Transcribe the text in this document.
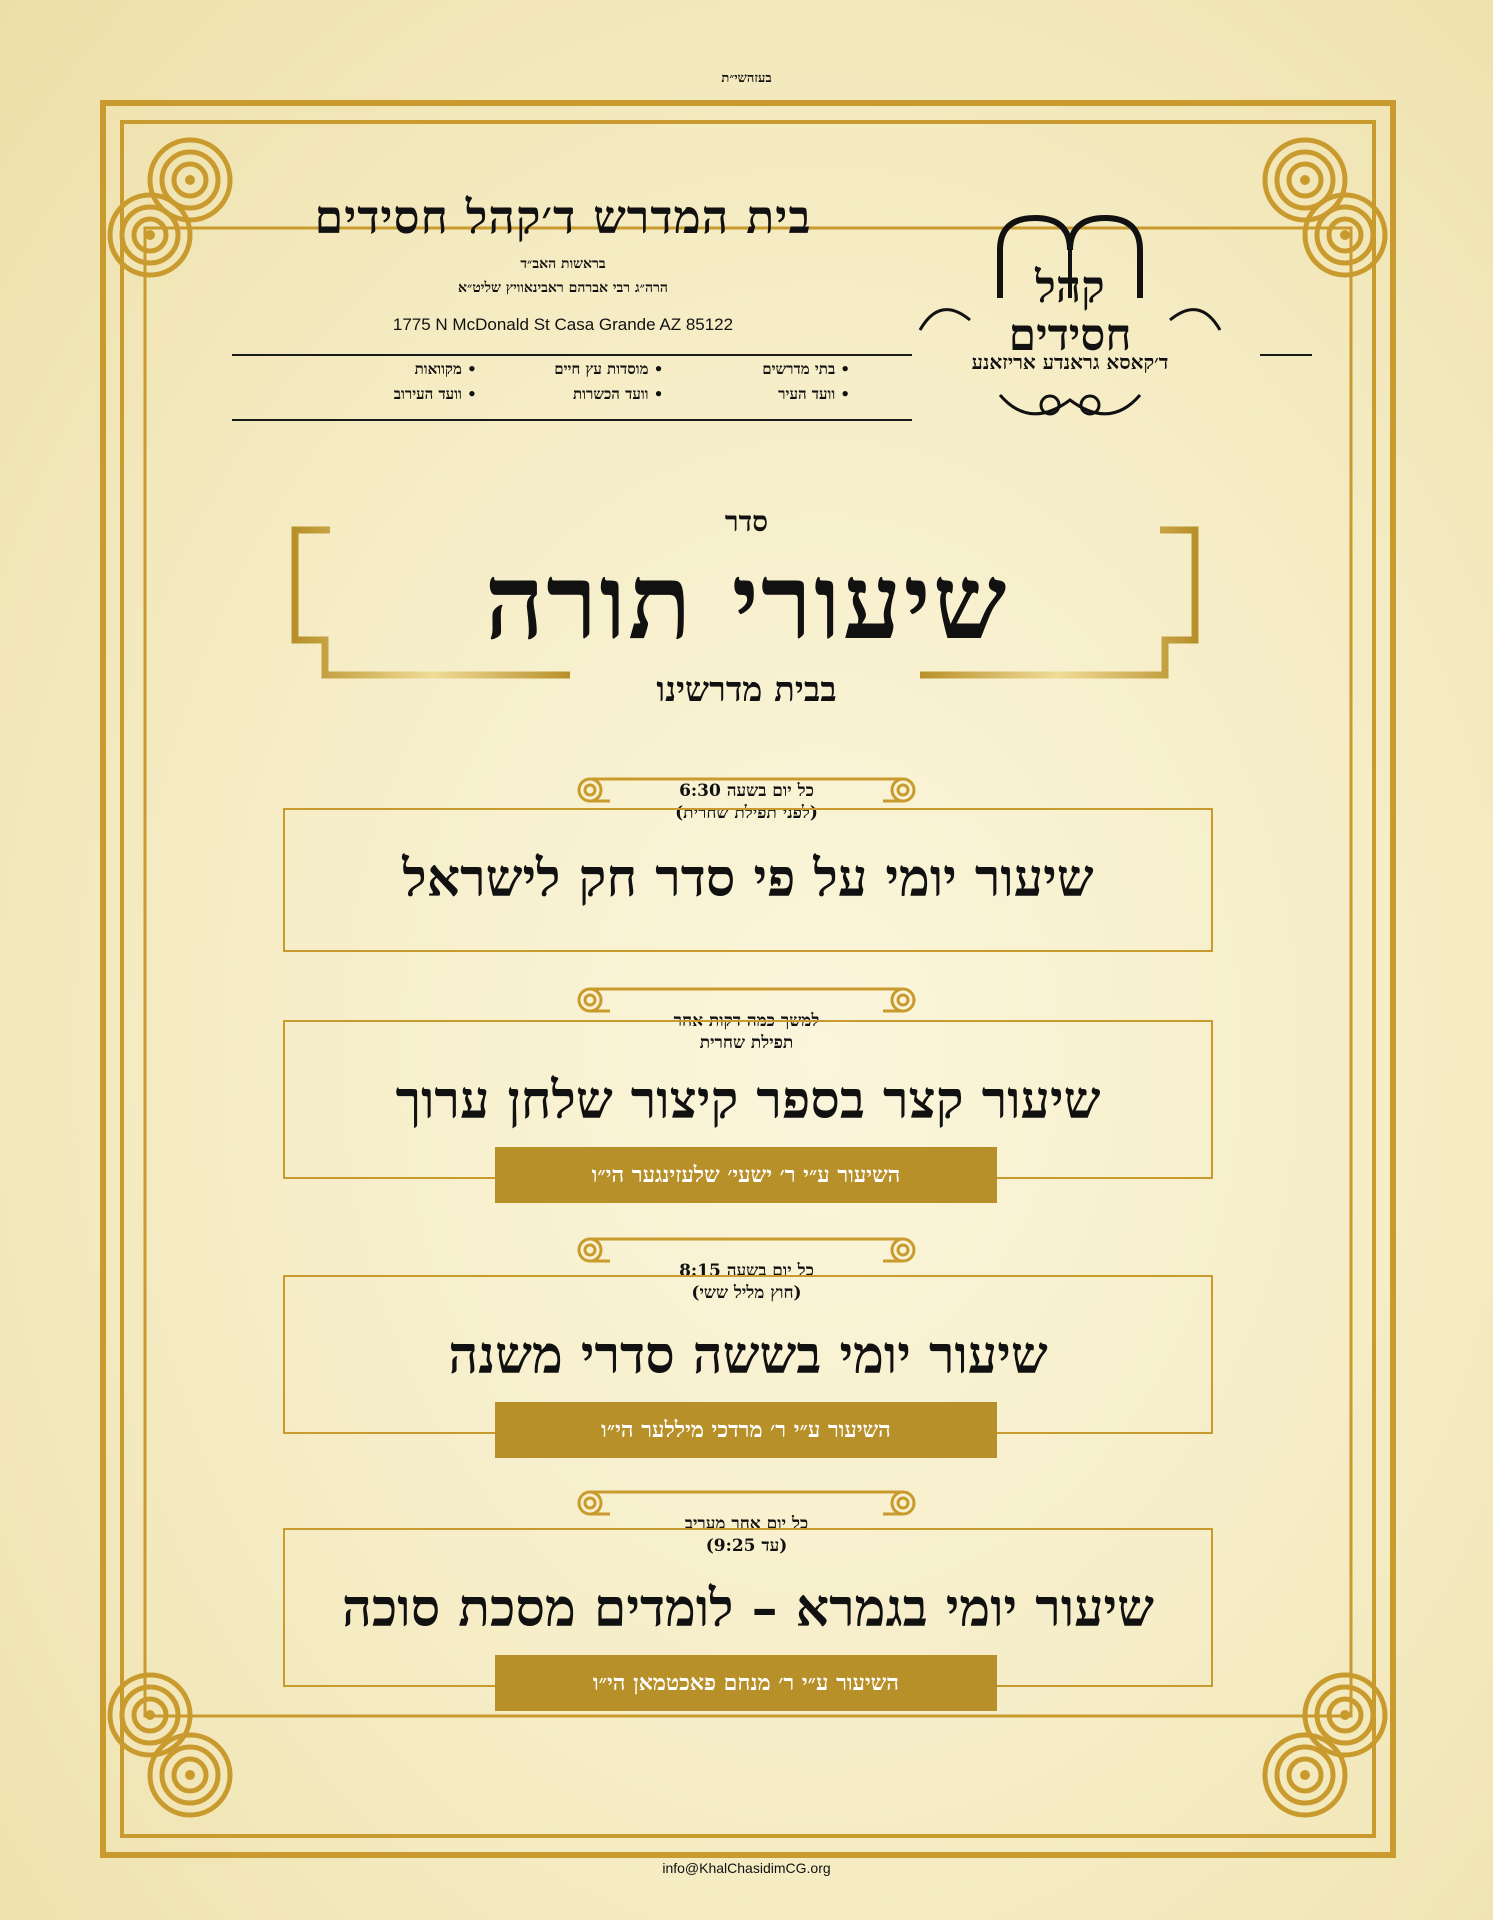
בעזהשי״ת
בית המדרש ד׳קהל חסידים
בראשות האב״ד
הרה״ג רבי אברהם ראבינאוויץ שליט״א
1775 N McDonald St Casa Grande AZ 85122
• בתי מדרשים
• מוסדות עץ חיים
• מקוואות
• וועד העיר
• וועד הכשרות
• וועד העירוב
קהל
חסידים
ד׳קאסא גראנדע אריזאנע
סדר
שיעורי תורה
בבית מדרשינו
כל יום בשעה 6:30
(לפני תפילת שחרית)
שיעור יומי על פי סדר חק לישראל
למשך כמה דקות אחר
תפילת שחרית
שיעור קצר בספר קיצור שלחן ערוך
השיעור ע״י ר׳ ישעי׳ שלעזינגער הי״ו
כל יום בשעה 8:15
(חוץ מליל ששי)
שיעור יומי בששה סדרי משנה
השיעור ע״י ר׳ מרדכי מיללער הי״ו
כל יום אחר מעריב
(עד 9:25)
שיעור יומי בגמרא – לומדים מסכת סוכה
השיעור ע״י ר׳ מנחם פאכטמאן הי״ו
info@KhalChasidimCG.org
